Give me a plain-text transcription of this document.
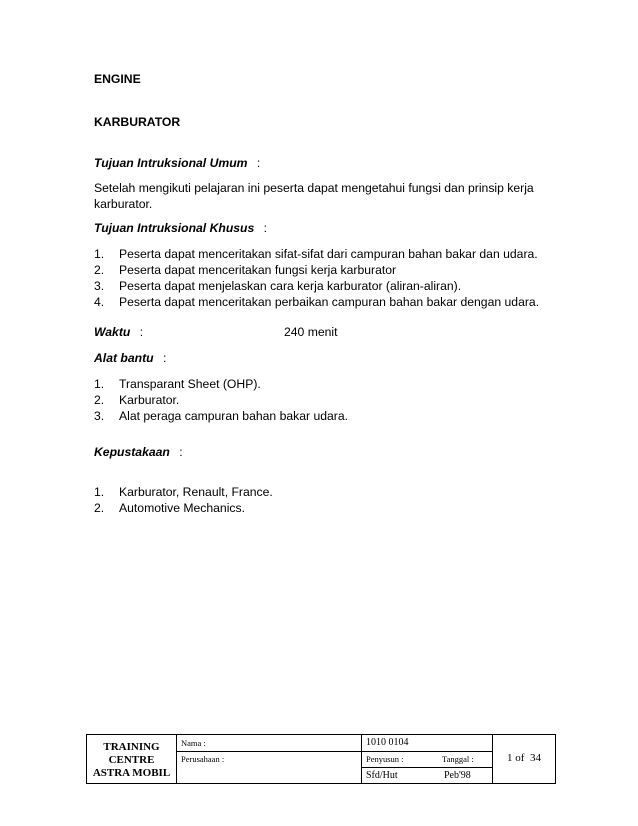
ENGINE
KARBURATOR
Tujuan Intruksional Umum :
Setelah mengikuti pelajaran ini peserta dapat mengetahui fungsi dan prinsip kerja
karburator.
Tujuan Intruksional Khusus :
1. Peserta dapat menceritakan sifat-sifat dari campuran bahan bakar dan udara.
2. Peserta dapat menceritakan fungsi kerja karburator
3. Peserta dapat menjelaskan cara kerja karburator (aliran-aliran).
4. Peserta dapat menceritakan perbaikan campuran bahan bakar dengan udara.
Waktu :	240 menit
Alat bantu :
1. Transparant Sheet (OHP).
2. Karburator.
3. Alat peraga campuran bahan bakar udara.
Kepustakaan :
1. Karburator, Renault, France.
2. Automotive Mechanics.
TRAINING
CENTRE
ASTRA MOBIL
Nama :
Perusahaan :
1010 0104
Penyusun :	Tanggal :
Sfd/Hut	Peb'98
1 of  34
